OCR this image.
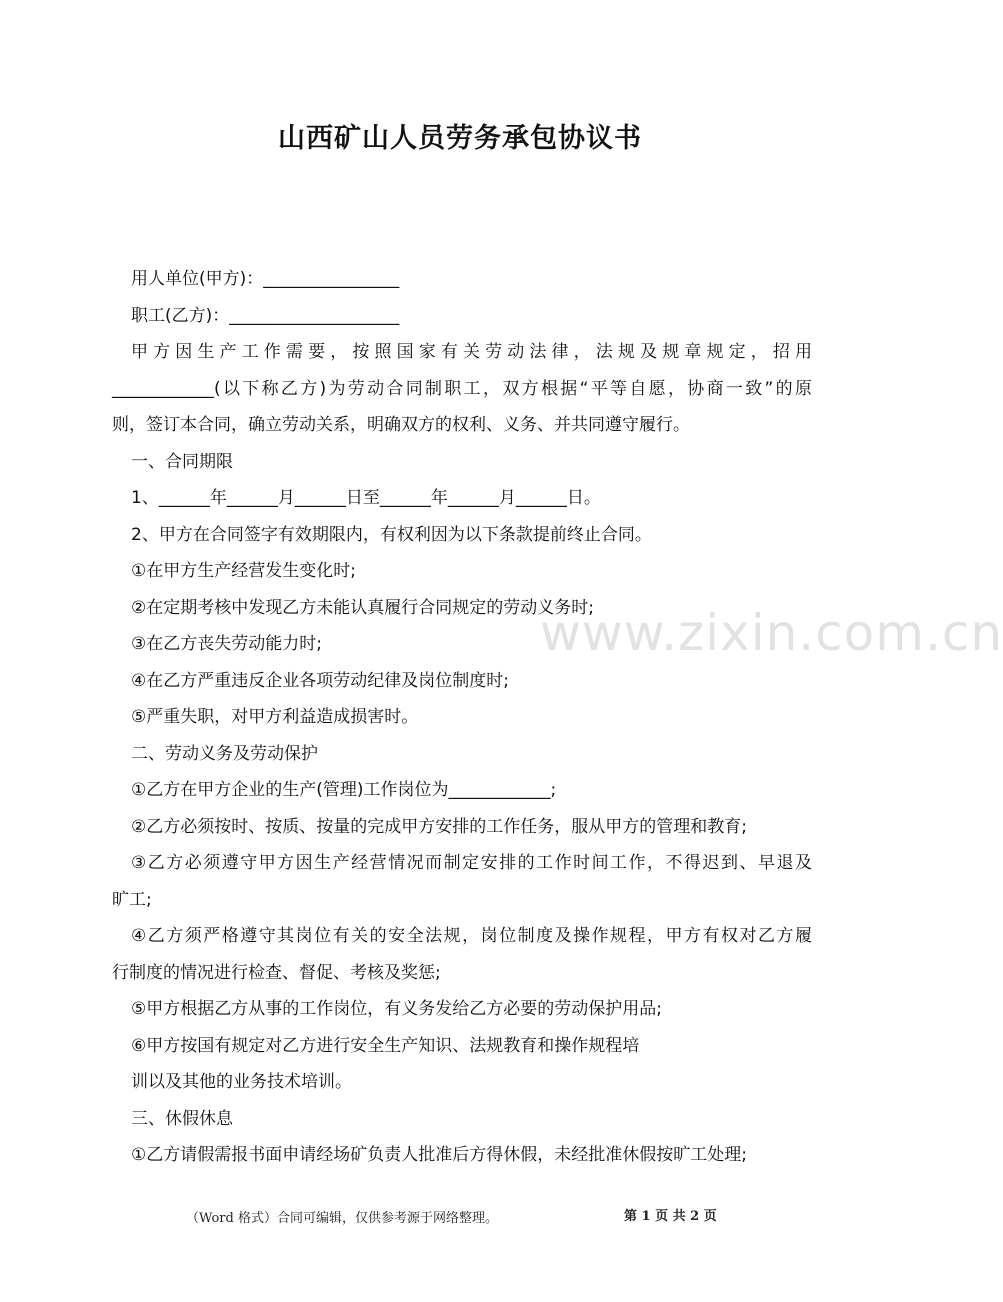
山西矿山人员劳务承包协议书
用人单位(甲方)：________________
职工(乙方)：____________________
甲方因生产工作需要，按照国家有关劳动法律，法规及规章规定，招用
____________(以下称乙方)为劳动合同制职工，双方根据“平等自愿，协商一致”的原
则，签订本合同，确立劳动关系，明确双方的权利、义务、并共同遵守履行。
一、合同期限
1、______年______月______日至______年______月______日。
2、甲方在合同签字有效期限内，有权利因为以下条款提前终止合同。
①在甲方生产经营发生变化时;
②在定期考核中发现乙方未能认真履行合同规定的劳动义务时;
③在乙方丧失劳动能力时;
④在乙方严重违反企业各项劳动纪律及岗位制度时;
⑤严重失职，对甲方利益造成损害时。
二、劳动义务及劳动保护
①乙方在甲方企业的生产(管理)工作岗位为____________;
②乙方必须按时、按质、按量的完成甲方安排的工作任务，服从甲方的管理和教育;
③乙方必须遵守甲方因生产经营情况而制定安排的工作时间工作，不得迟到、早退及
旷工;
④乙方须严格遵守其岗位有关的安全法规，岗位制度及操作规程，甲方有权对乙方履
行制度的情况进行检查、督促、考核及奖惩;
⑤甲方根据乙方从事的工作岗位，有义务发给乙方必要的劳动保护用品;
⑥甲方按国有规定对乙方进行安全生产知识、法规教育和操作规程培
训以及其他的业务技术培训。
三、休假休息
①乙方请假需报书面申请经场矿负责人批准后方得休假，未经批准休假按旷工处理;
www.zixin.com.cn
（Word 格式）合同可编辑，仅供参考源于网络整理。	第 1 页 共 2 页
